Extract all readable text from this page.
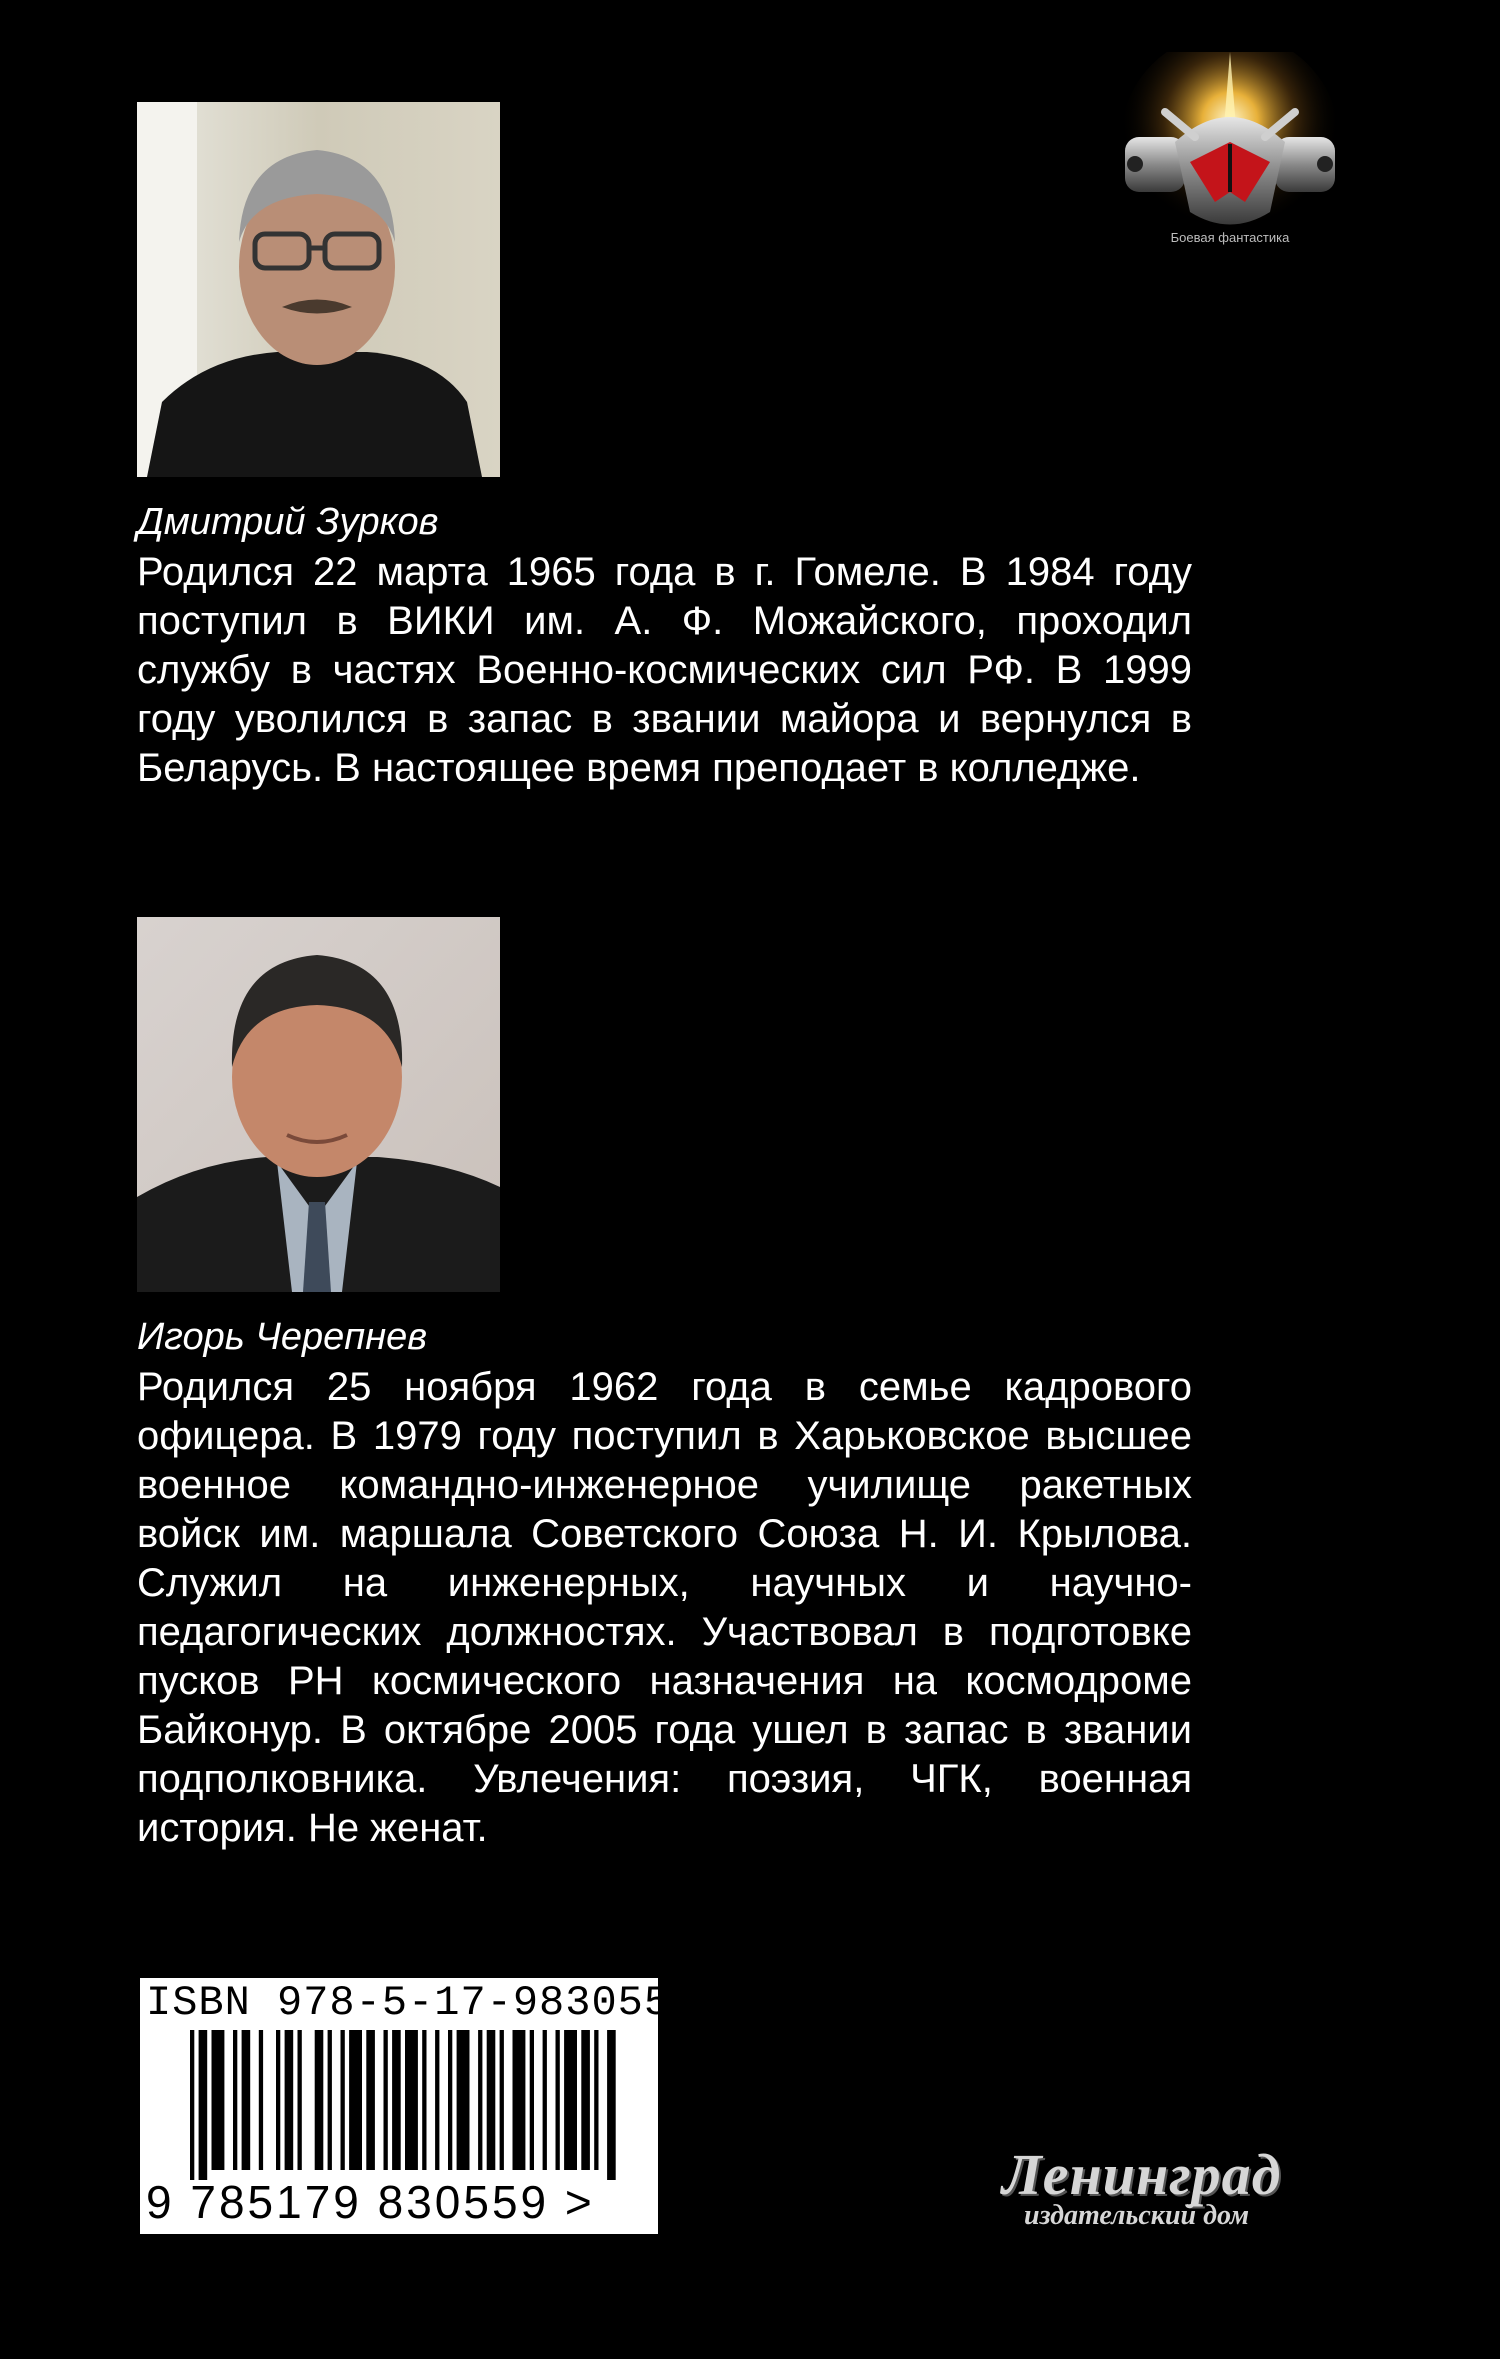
Дмитрий Зурков
Родился 22 марта 1965 года в г. Гомеле. В 1984 году поступил в ВИКИ им. А. Ф. Можайского, проходил службу в частях Военно-космических сил РФ. В 1999 году уволился в запас в звании майора и вернулся в Беларусь. В настоящее время преподает в колледже.
Игорь Черепнев
Родился 25 ноября 1962 года в семье кадрового офицера. В 1979 году поступил в Харьковское высшее военное командно-инженерное училище ракетных войск им. маршала Советского Союза Н. И. Крылова. Служил на инженерных, научных и научно-педагогических должностях. Участвовал в подготовке пусков РН космического назначения на космодроме Байконур. В октябре 2005 года ушел в запас в звании подполковника. Увлечения: поэзия, ЧГК, военная история. Не женат.
Боевая фантастика
ISBN 978-5-17-983055-9
9 785179 830559 >	Ленинград
издательский дом
